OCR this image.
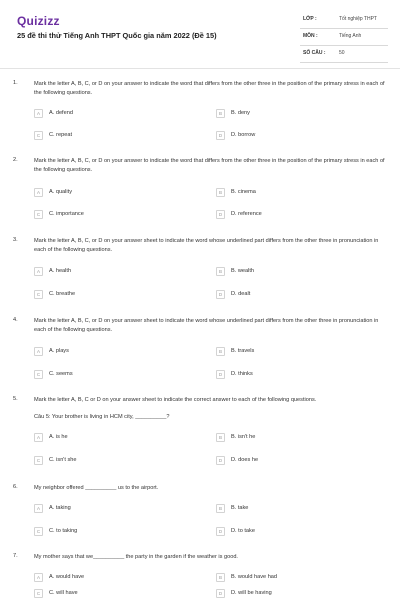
Quizizz
25 đề thi thử Tiếng Anh THPT Quốc gia năm 2022 (Đề 15)
LỚP :	Tốt nghiệp THPT
MÔN :	Tiếng Anh
SỐ CÂU :	50
1.	Mark the letter A, B, C, or D on your answer to indicate the word that differs from the other three in the position of the primary stress in each of the following questions.
A	A. defend	B	B. deny
C	C. repeat	D	D. borrow
2.	Mark the letter A, B, C, or D on your answer to indicate the word that differs from the other three in the position of the primary stress in each of the following questions.
A	A. quality	B	B. cinema
C	C. importance	D	D. reference
3.	Mark the letter A, B, C, or D on your answer sheet to indicate the word whose underlined part differs from the other three in pronunciation in each of the following questions.
A	A. health	B	B. wealth
C	C. breathe	D	D. dealt
4.	Mark the letter A, B, C, or D on your answer sheet to indicate the word whose underlined part differs from the other three in pronunciation in each of the following questions.
A	A. plays	B	B. travels
C	C. seems	D	D. thinks
5.	Mark the letter A, B, C or D on your answer sheet to indicate the correct answer to each of the following questions.
Câu 5: Your brother is living in HCM city, __________?
A	A. is he	B	B. isn't he
C	C. isn't she	D	D. does he
6.	My neighbor offered __________ us to the airport.
A	A. taking	B	B. take
C	C. to taking	D	D. to take
7.	My mother says that we__________ the party in the garden if the weather is good.
A	A. would have	B	B. would have had
C	C. will have	D	D. will be having
